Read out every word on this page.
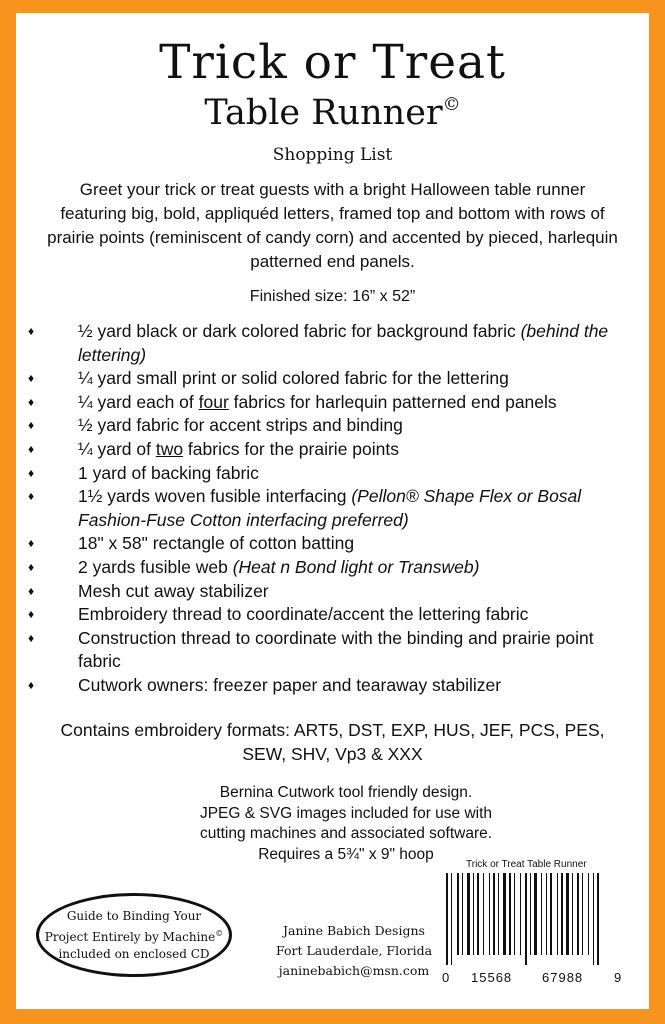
Trick or Treat
Table Runner©
Shopping List
Greet your trick or treat guests with a bright Halloween table runner featuring big, bold, appliquéd letters, framed top and bottom with rows of prairie points (reminiscent of candy corn) and accented by pieced, harlequin patterned end panels.
Finished size: 16” x 52”
♦	½ yard black or dark colored fabric for background fabric (behind the lettering)
♦	¼ yard small print or solid colored fabric for the lettering
♦	¼ yard each of four fabrics for harlequin patterned end panels
♦	½ yard fabric for accent strips and binding
♦	¼ yard of two fabrics for the prairie points
♦	1 yard of backing fabric
♦	1½ yards woven fusible interfacing (Pellon® Shape Flex or Bosal Fashion-Fuse Cotton interfacing preferred)
♦	18" x 58" rectangle of cotton batting
♦	2 yards fusible web (Heat n Bond light or Transweb)
♦	Mesh cut away stabilizer
♦	Embroidery thread to coordinate/accent the lettering fabric
♦	Construction thread to coordinate with the binding and prairie point fabric
♦	Cutwork owners: freezer paper and tearaway stabilizer
Contains embroidery formats: ART5, DST, EXP, HUS, JEF, PCS, PES, SEW, SHV, Vp3 & XXX
Bernina Cutwork tool friendly design.
JPEG & SVG images included for use with
cutting machines and associated software.
Requires a 5¾" x 9" hoop
Guide to Binding Your
Project Entirely by Machine©
included on enclosed CD
Janine Babich Designs
Fort Lauderdale, Florida
janinebabich@msn.com
Trick or Treat Table Runner
0 15568 67988 9
